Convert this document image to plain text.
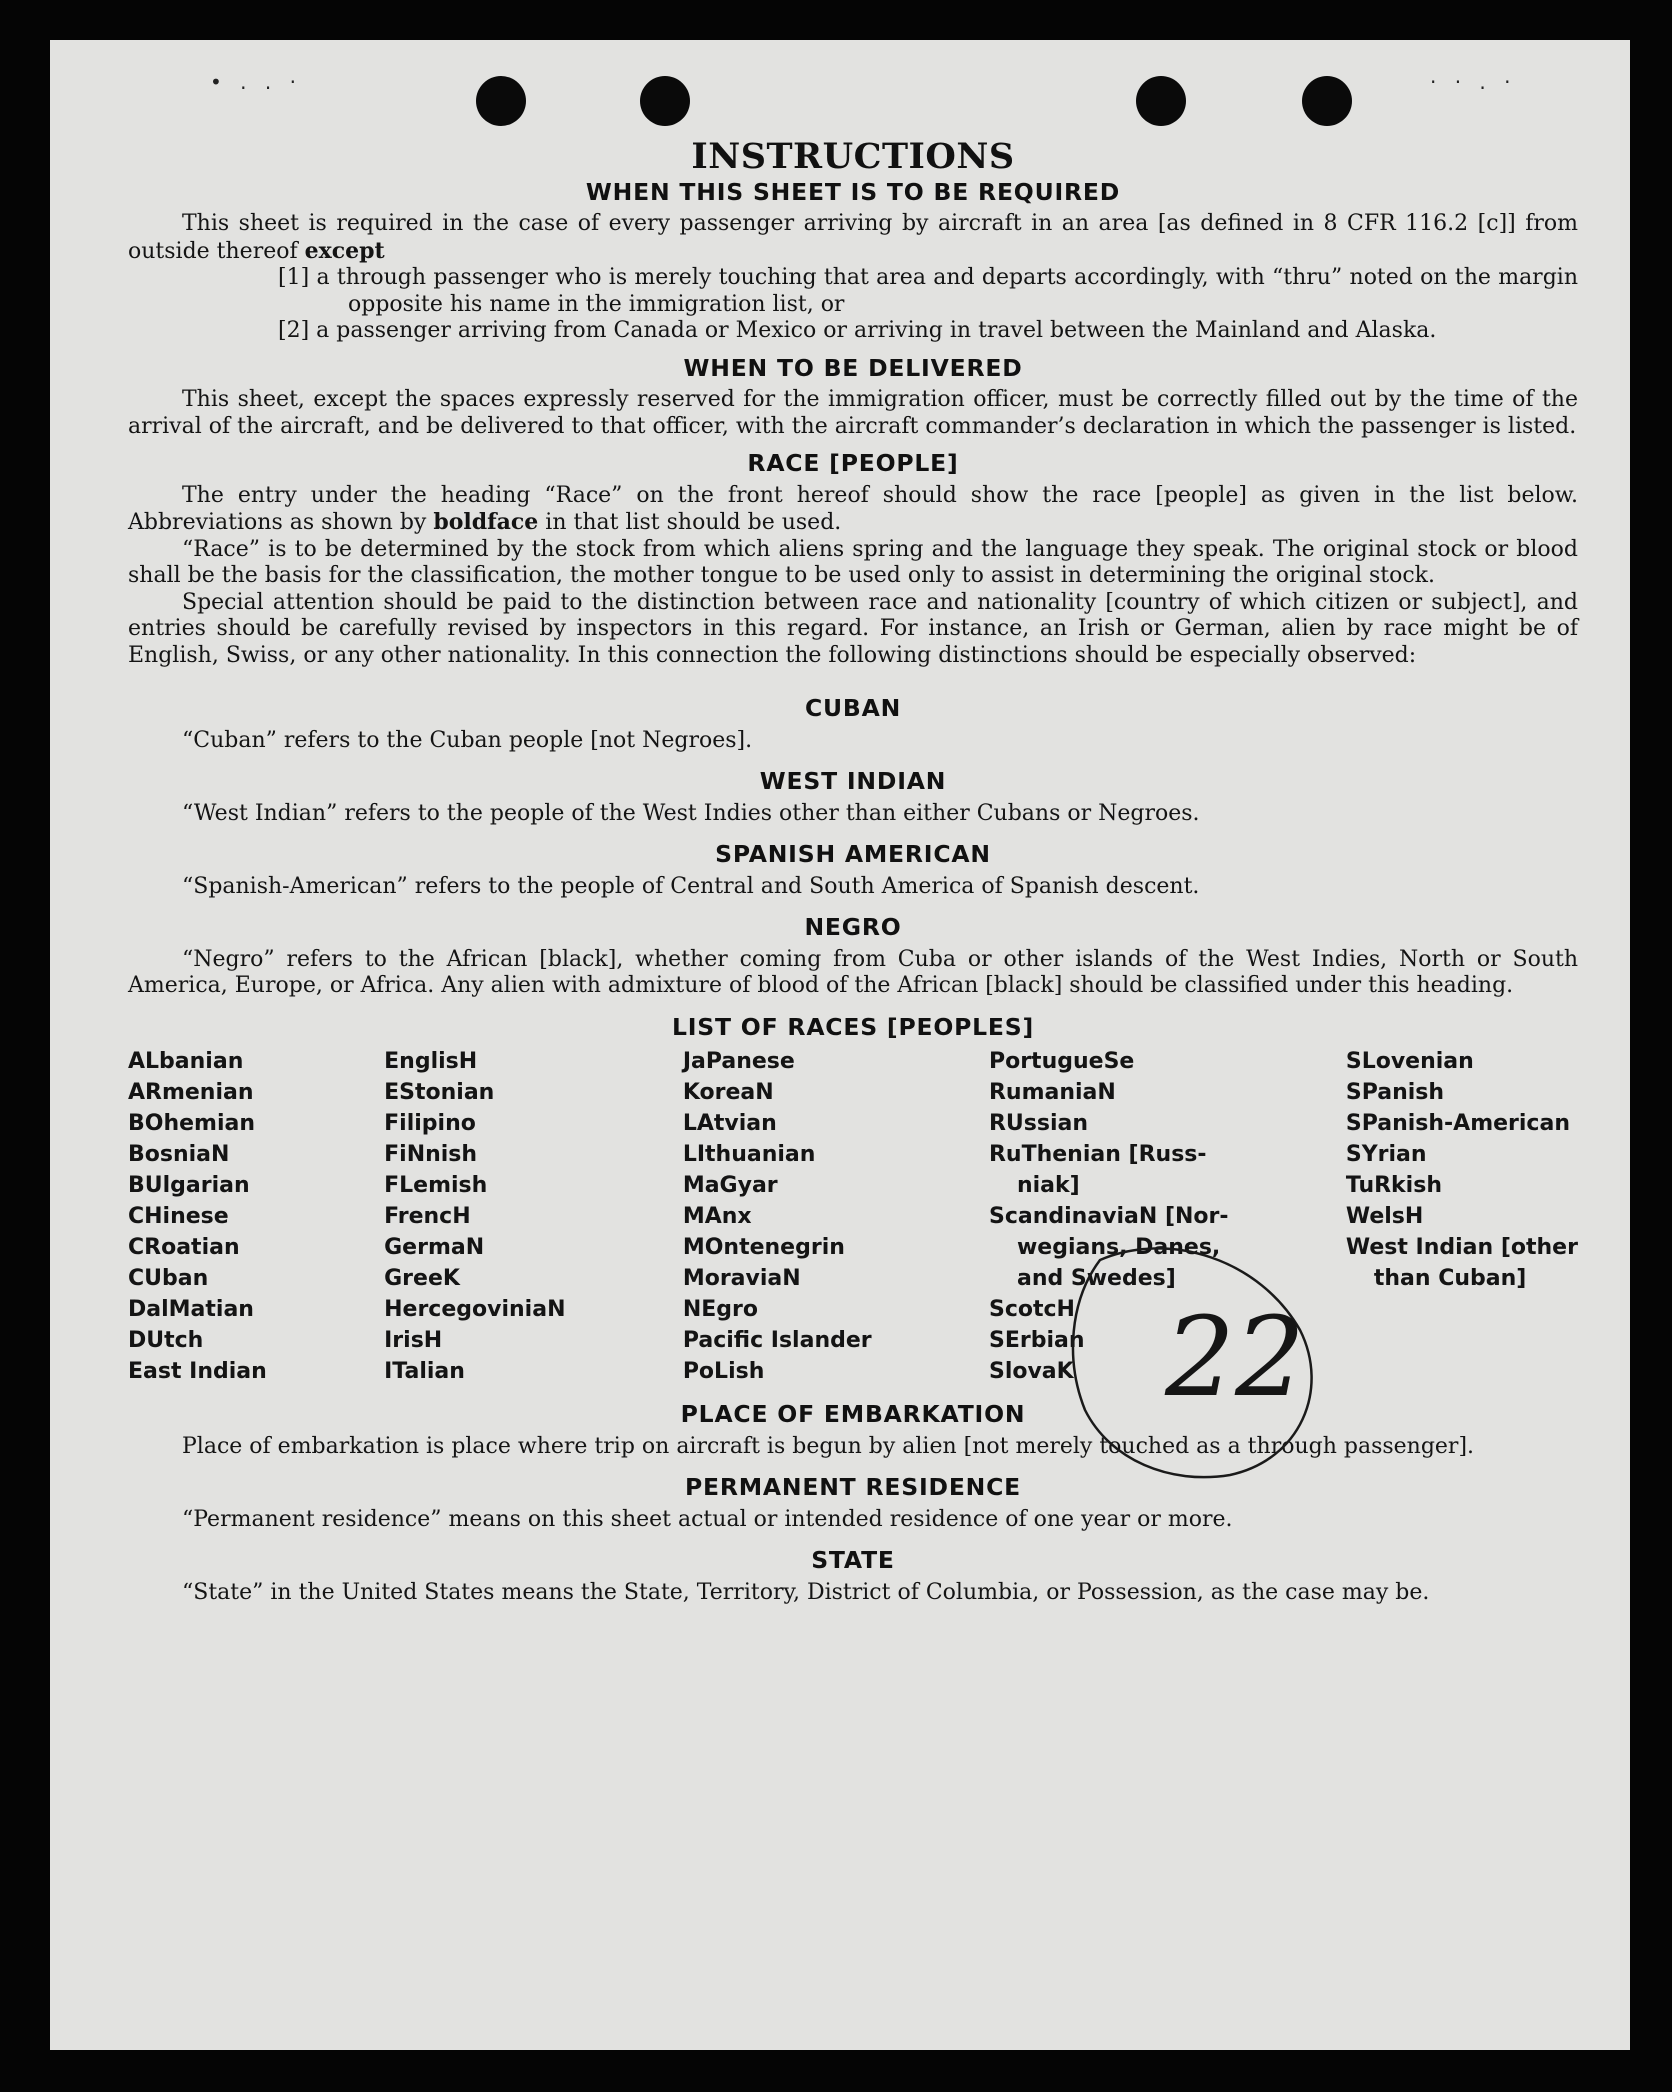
• . . ·	· · . ·
INSTRUCTIONS
WHEN THIS SHEET IS TO BE REQUIRED

This sheet is required in the case of every passenger arriving by aircraft in an area [as defined in 8 CFR 116.2 [c]] from outside thereof except

[1] a through passenger who is merely touching that area and departs accordingly, with “thru” noted on the margin opposite his name in the immigration list, or

[2] a passenger arriving from Canada or Mexico or arriving in travel between the Mainland and Alaska.

WHEN TO BE DELIVERED

This sheet, except the spaces expressly reserved for the immigration officer, must be correctly filled out by the time of the arrival of the aircraft, and be delivered to that officer, with the aircraft commander’s declaration in which the passenger is listed.

RACE [PEOPLE]

The entry under the heading “Race” on the front hereof should show the race [people] as given in the list below. Abbreviations as shown by boldface in that list should be used.

“Race” is to be determined by the stock from which aliens spring and the language they speak. The original stock or blood shall be the basis for the classification, the mother tongue to be used only to assist in determining the original stock.

Special attention should be paid to the distinction between race and nationality [country of which citizen or subject], and entries should be carefully revised by inspectors in this regard. For instance, an Irish or German, alien by race might be of English, Swiss, or any other nationality. In this connection the following distinctions should be especially observed:

CUBAN

“Cuban” refers to the Cuban people [not Negroes].

WEST INDIAN

“West Indian” refers to the people of the West Indies other than either Cubans or Negroes.

SPANISH AMERICAN

“Spanish-American” refers to the people of Central and South America of Spanish descent.

NEGRO

“Negro” refers to the African [black], whether coming from Cuba or other islands of the West Indies, North or South America, Europe, or Africa. Any alien with admixture of blood of the African [black] should be classified under this heading.

LIST OF RACES [PEOPLES]
ALbanian
ARmenian
BOhemian
BosniaN
BUlgarian
CHinese
CRoatian
CUban
DalMatian
DUtch
East Indian
EnglisH
EStonian
Filipino
FiNnish
FLemish
FrencH
GermaN
GreeK
HercegoviniaN
IrisH
ITalian
JaPanese
KoreaN
LAtvian
LIthuanian
MaGyar
MAnx
MOntenegrin
MoraviaN
NEgro
Pacific Islander
PoLish
PortugueSe
RumaniaN
RUssian
RuThenian [Russ-
niak]
ScandinaviaN [Nor-
wegians, Danes,
and Swedes]
ScotcH
SErbian
SlovaK
SLovenian
SPanish
SPanish-American
SYrian
TuRkish
WelsH
West Indian [other
than Cuban]
PLACE OF EMBARKATION

Place of embarkation is place where trip on aircraft is begun by alien [not merely touched as a through passenger].

PERMANENT RESIDENCE

“Permanent residence” means on this sheet actual or intended residence of one year or more.

STATE

“State” in the United States means the State, Territory, District of Columbia, or Possession, as the case may be.

22
